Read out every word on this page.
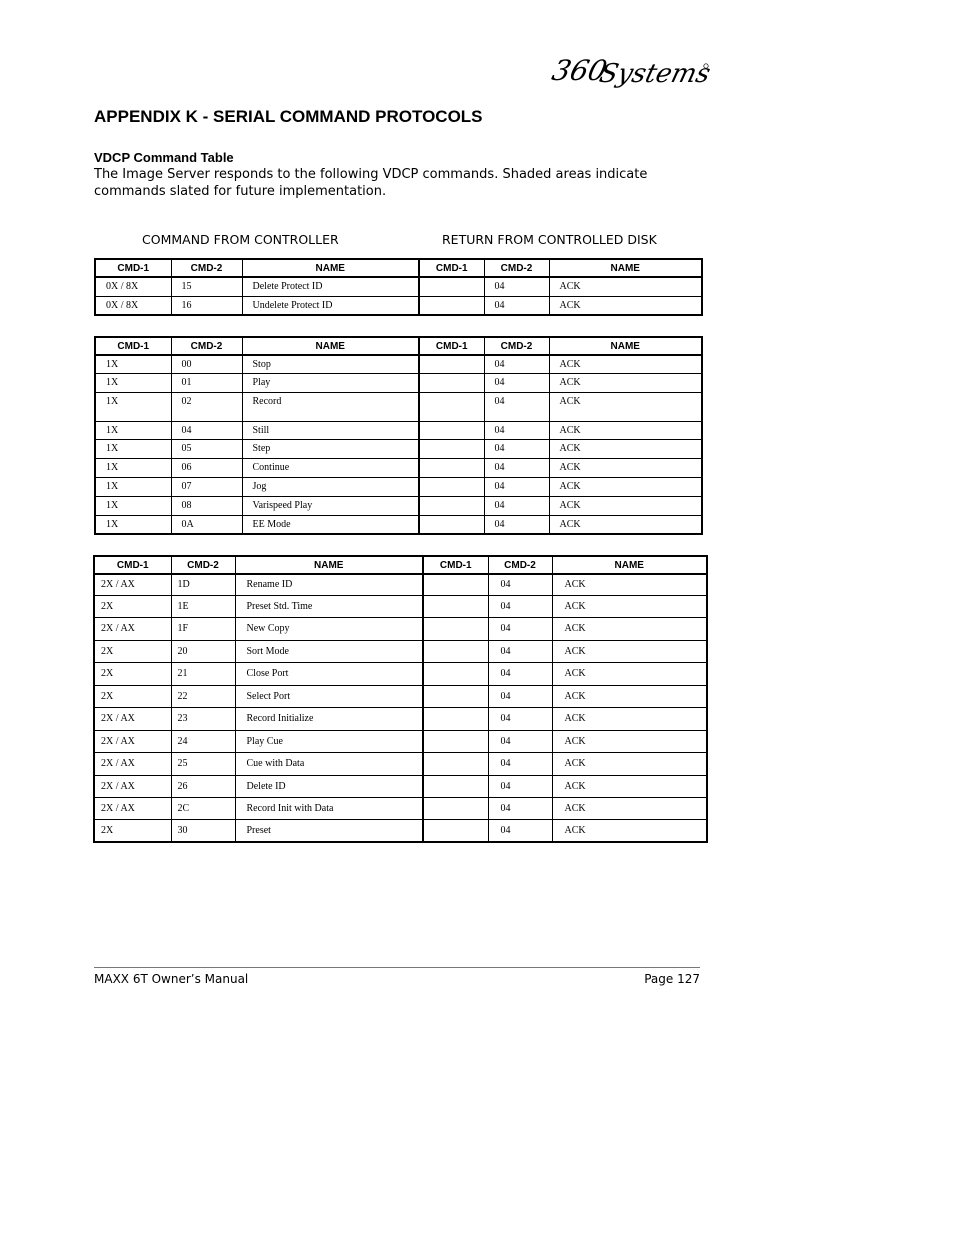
360
Systems
APPENDIX K - SERIAL COMMAND PROTOCOLS
VDCP Command Table

The Image Server responds to the following VDCP commands. Shaded areas indicate commands slated for future implementation.

COMMAND FROM CONTROLLER	RETURN FROM CONTROLLED DISK
CMD-1	CMD-2	NAME	CMD-1	CMD-2	NAME
0X / 8X	15	Delete Protect ID		04	ACK
0X / 8X	16	Undelete Protect ID		04	ACK
CMD-1	CMD-2	NAME	CMD-1	CMD-2	NAME
1X	00	Stop		04	ACK
1X	01	Play		04	ACK
1X	02	Record		04	ACK
1X	04	Still		04	ACK
1X	05	Step		04	ACK
1X	06	Continue		04	ACK
1X	07	Jog		04	ACK
1X	08	Varispeed Play		04	ACK
1X	0A	EE Mode		04	ACK
CMD-1	CMD-2	NAME	CMD-1	CMD-2	NAME
2X / AX	1D	Rename ID		04	ACK
2X	1E	Preset Std. Time		04	ACK
2X / AX	1F	New Copy		04	ACK
2X	20	Sort Mode		04	ACK
2X	21	Close Port		04	ACK
2X	22	Select Port		04	ACK
2X / AX	23	Record Initialize		04	ACK
2X / AX	24	Play Cue		04	ACK
2X / AX	25	Cue with Data		04	ACK
2X / AX	26	Delete ID		04	ACK
2X / AX	2C	Record Init with Data		04	ACK
2X	30	Preset		04	ACK
MAXX 6T Owner’s Manual	Page 127
